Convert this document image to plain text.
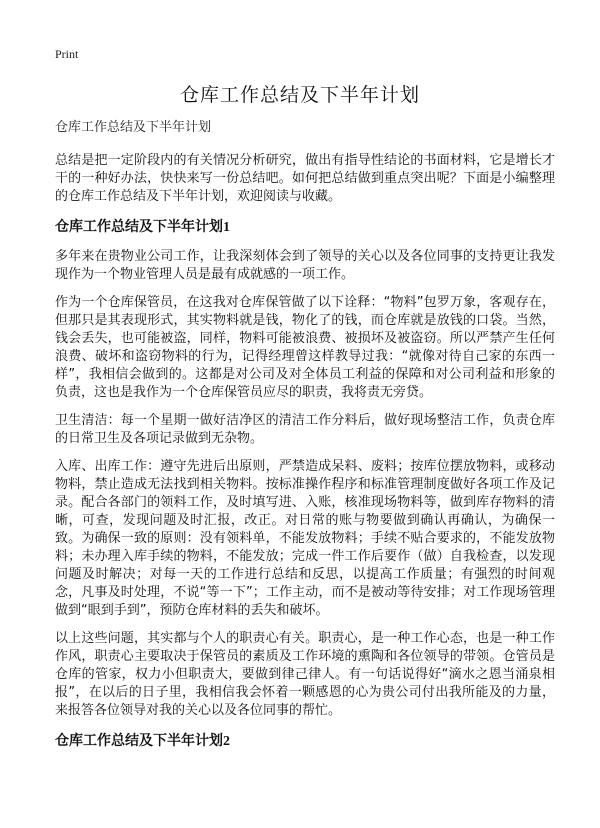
Print
仓库工作总结及下半年计划

仓库工作总结及下半年计划

总结是把一定阶段内的有关情况分析研究，做出有指导性结论的书面材料，它是增长才干的一种好办法，快快来写一份总结吧。如何把总结做到重点突出呢？下面是小编整理的仓库工作总结及下半年计划，欢迎阅读与收藏。

仓库工作总结及下半年计划1

多年来在贵物业公司工作，让我深刻体会到了领导的关心以及各位同事的支持更让我发现作为一个物业管理人员是最有成就感的一项工作。

作为一个仓库保管员，在这我对仓库保管做了以下诠释：“物料”包罗万象，客观存在，但那只是其表现形式，其实物料就是钱，物化了的钱，而仓库就是放钱的口袋。当然，钱会丢失，也可能被盗，同样，物料可能被浪费、被损坏及被盗窃。所以严禁产生任何浪费、破坏和盗窃物料的行为，记得经理曾这样教导过我：“就像对待自己家的东西一样”，我相信会做到的。这都是对公司及对全体员工利益的保障和对公司利益和形象的负责，这也是我作为一个仓库保管员应尽的职责，我将责无旁贷。

卫生清洁：每一个星期一做好洁净区的清洁工作分料后，做好现场整洁工作，负责仓库的日常卫生及各项记录做到无杂物。

入库、出库工作：遵守先进后出原则，严禁造成呆料、废料；按库位摆放物料，或移动物料，禁止造成无法找到相关物料。按标准操作程序和标准管理制度做好各项工作及记录。配合各部门的领料工作，及时填写进、入账，核准现场物料等，做到库存物料的清晰，可查，发现问题及时汇报，改正。对日常的账与物要做到确认再确认，为确保一致。为确保一致的原则：没有领料单，不能发放物料；手续不贴合要求的，不能发放物料；未办理入库手续的物料，不能发放；完成一件工作后要作（做）自我检查，以发现问题及时解决；对每一天的工作进行总结和反思，以提高工作质量；有强烈的时间观念，凡事及时处理，不说“等一下”；工作主动，而不是被动等待安排；对工作现场管理做到“眼到手到”，预防仓库材料的丢失和破坏。

以上这些问题，其实都与个人的职责心有关。职责心，是一种工作心态，也是一种工作作风，职责心主要取决于保管员的素质及工作环境的熏陶和各位领导的带领。仓管员是仓库的管家，权力小但职责大，要做到律己律人。有一句话说得好“滴水之恩当涌泉相报”，在以后的日子里，我相信我会怀着一颗感恩的心为贵公司付出我所能及的力量，来报答各位领导对我的关心以及各位同事的帮忙。

仓库工作总结及下半年计划2
